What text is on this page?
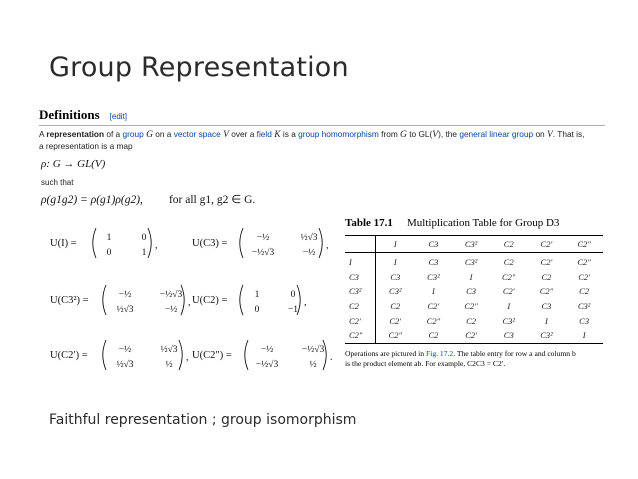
Group Representation
Definitions [edit]
A representation of a group G on a vector space V over a field K is a group homomorphism from G to GL(V), the general linear group on V. That is,
a representation is a map
ρ: G → GL(V)
such that
ρ(g1g2) = ρ(g1)ρ(g2), for all g1, g2 ∈ G.
U(I) =	1	0
0	1
,	U(C3) =	−½	½√3
−½√3	−½
,
U(C3²) =	−½	−½√3
½√3	−½
, U(C2) =	1	0
0	−1
,
U(C2′) =	−½	½√3
½√3	½
, U(C2″) =	−½	−½√3
−½√3	½
.
Table 17.1 Multiplication Table for Group D3
	I	C3	C3²	C2	C2′	C2″
I	I	C3	C3²	C2	C2′	C2″
C3	C3	C3²	I	C2″	C2	C2′
C3²	C3²	I	C3	C2′	C2″	C2
C2	C2	C2′	C2″	I	C3	C3²
C2′	C2′	C2″	C2	C3²	I	C3
C2″	C2″	C2	C2′	C3	C3²	I
Operations are pictured in Fig. 17.2. The table entry for row a and column b
is the product element ab. For example, C2C3 = C2′.
Faithful representation ; group isomorphism
